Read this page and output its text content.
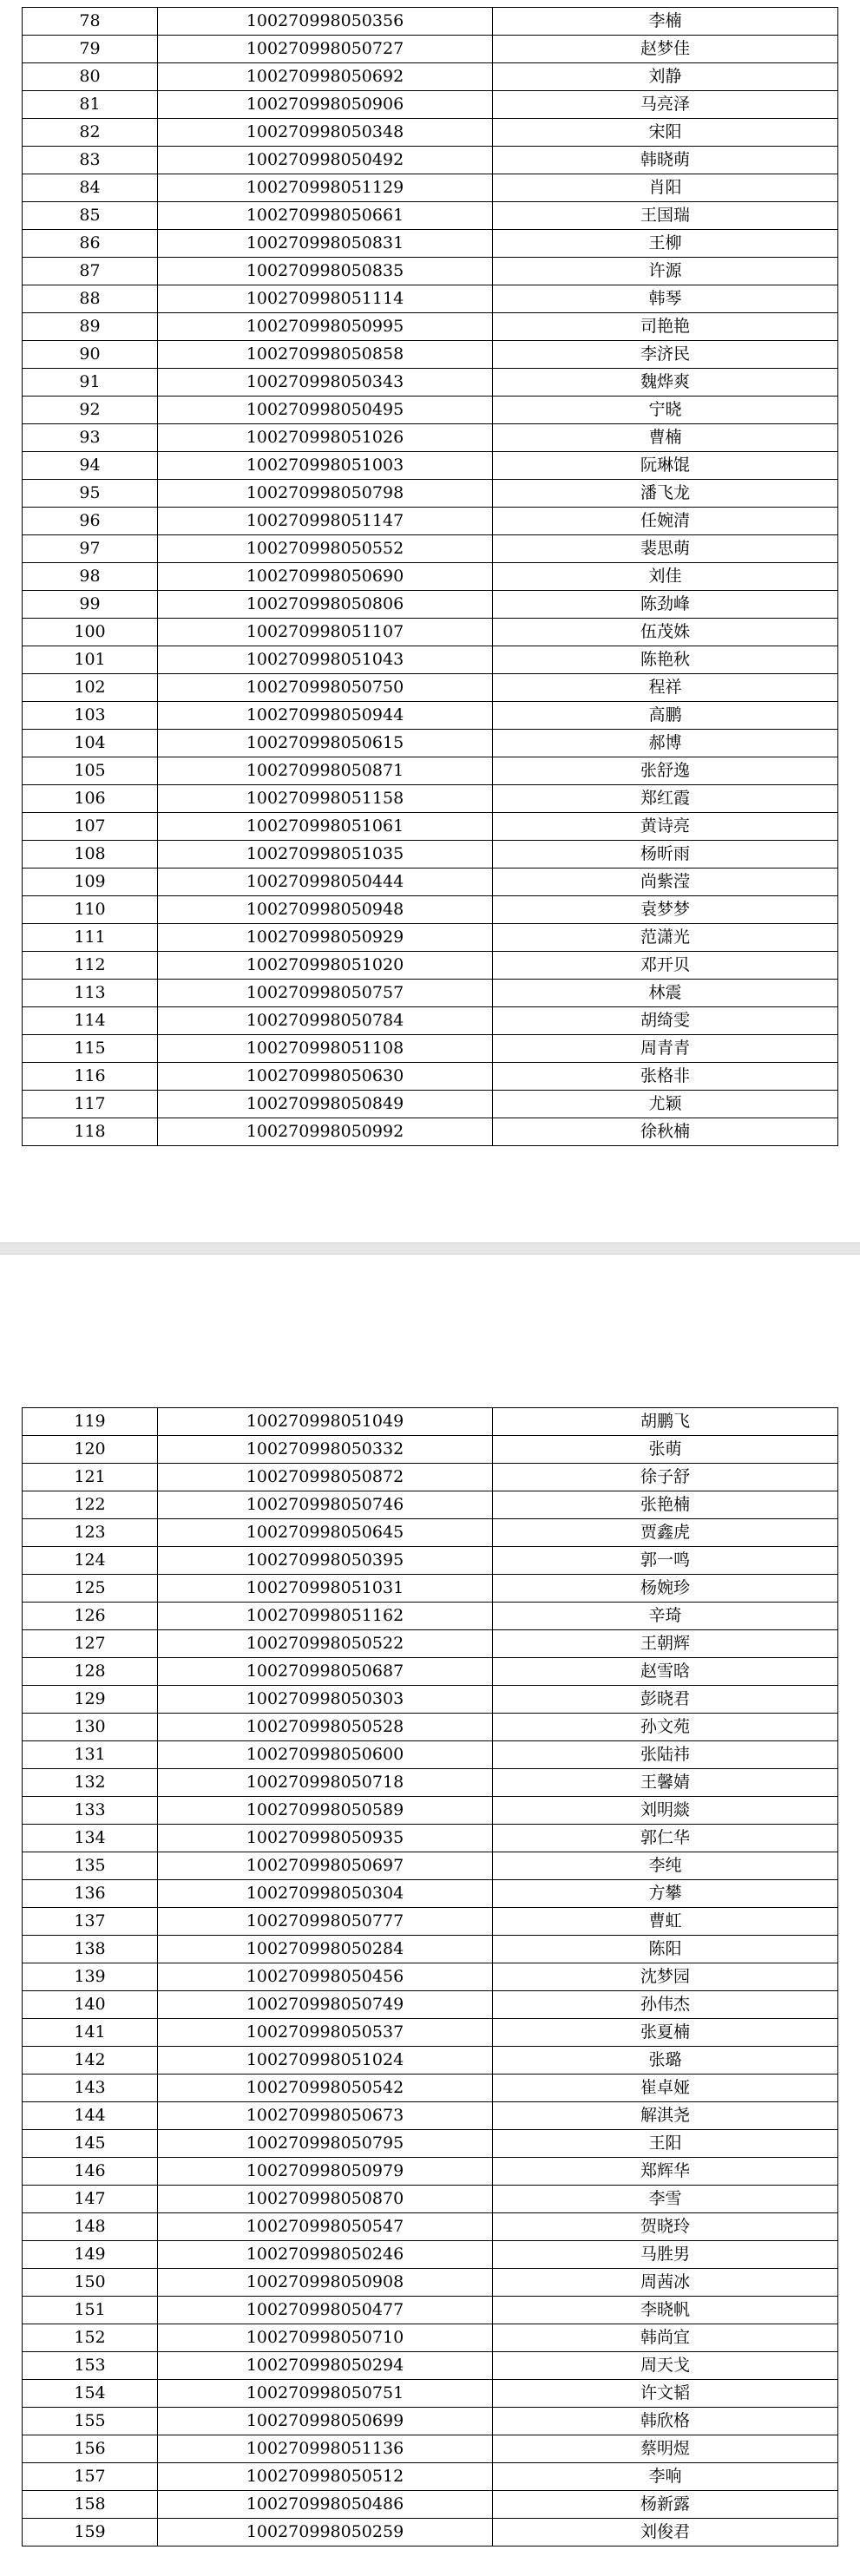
78	100270998050356	李楠
79	100270998050727	赵梦佳
80	100270998050692	刘静
81	100270998050906	马亮泽
82	100270998050348	宋阳
83	100270998050492	韩晓萌
84	100270998051129	肖阳
85	100270998050661	王国瑞
86	100270998050831	王柳
87	100270998050835	许源
88	100270998051114	韩琴
89	100270998050995	司艳艳
90	100270998050858	李济民
91	100270998050343	魏烨爽
92	100270998050495	宁晓
93	100270998051026	曹楠
94	100270998051003	阮琳馄
95	100270998050798	潘飞龙
96	100270998051147	任婉清
97	100270998050552	裴思萌
98	100270998050690	刘佳
99	100270998050806	陈劲峰
100	100270998051107	伍茂姝
101	100270998051043	陈艳秋
102	100270998050750	程祥
103	100270998050944	高鹏
104	100270998050615	郝博
105	100270998050871	张舒逸
106	100270998051158	郑红霞
107	100270998051061	黄诗亮
108	100270998051035	杨昕雨
109	100270998050444	尚紫滢
110	100270998050948	袁梦梦
111	100270998050929	范潇光
112	100270998051020	邓开贝
113	100270998050757	林震
114	100270998050784	胡绮雯
115	100270998051108	周青青
116	100270998050630	张格非
117	100270998050849	尤颖
118	100270998050992	徐秋楠
119	100270998051049	胡鹏飞
120	100270998050332	张萌
121	100270998050872	徐子舒
122	100270998050746	张艳楠
123	100270998050645	贾鑫虎
124	100270998050395	郭一鸣
125	100270998051031	杨婉珍
126	100270998051162	辛琦
127	100270998050522	王朝辉
128	100270998050687	赵雪晗
129	100270998050303	彭晓君
130	100270998050528	孙文苑
131	100270998050600	张陆祎
132	100270998050718	王馨婧
133	100270998050589	刘明燚
134	100270998050935	郭仁华
135	100270998050697	李纯
136	100270998050304	方攀
137	100270998050777	曹虹
138	100270998050284	陈阳
139	100270998050456	沈梦园
140	100270998050749	孙伟杰
141	100270998050537	张夏楠
142	100270998051024	张璐
143	100270998050542	崔卓娅
144	100270998050673	解淇尧
145	100270998050795	王阳
146	100270998050979	郑辉华
147	100270998050870	李雪
148	100270998050547	贺晓玲
149	100270998050246	马胜男
150	100270998050908	周茜冰
151	100270998050477	李晓帆
152	100270998050710	韩尚宜
153	100270998050294	周天戈
154	100270998050751	许文韬
155	100270998050699	韩欣格
156	100270998051136	蔡明煜
157	100270998050512	李响
158	100270998050486	杨新露
159	100270998050259	刘俊君
